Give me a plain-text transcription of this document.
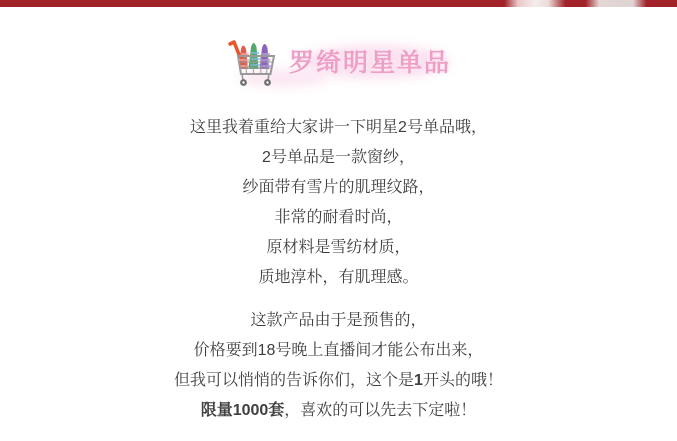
罗绮明星单品
这里我着重给大家讲一下明星2号单品哦，
2号单品是一款窗纱，
纱面带有雪片的肌理纹路，
非常的耐看时尚，
原材料是雪纺材质，
质地淳朴，有肌理感。
这款产品由于是预售的，
价格要到18号晚上直播间才能公布出来，
但我可以悄悄的告诉你们，这个是1开头的哦！
限量1000套，喜欢的可以先去下定啦！
